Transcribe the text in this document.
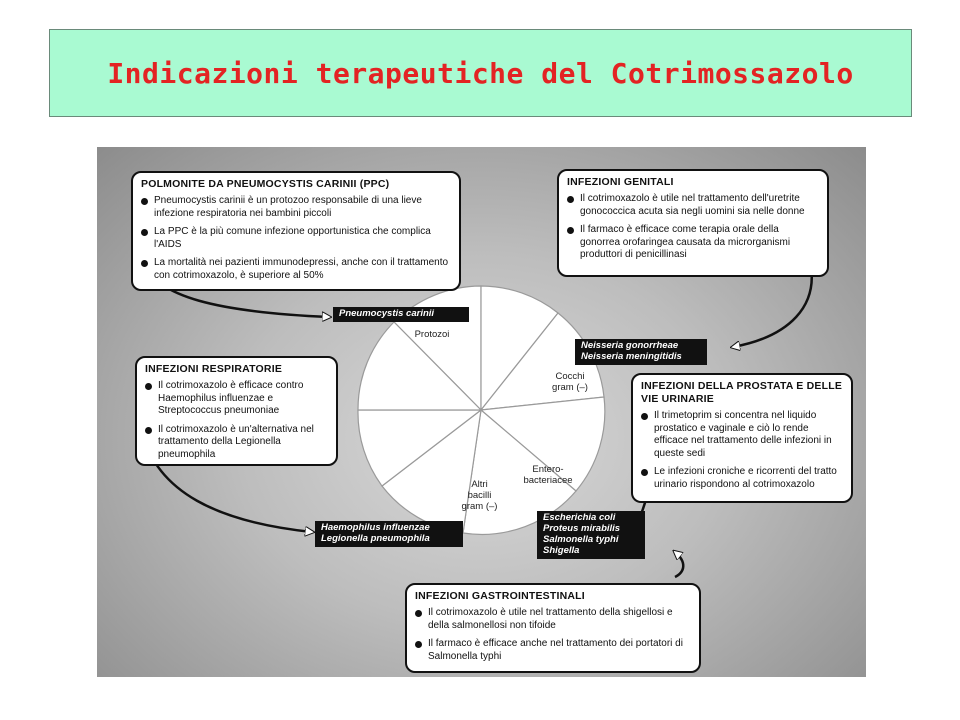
Indicazioni terapeutiche del Cotrimossazolo
Protozoi
Cocchi
gram (–)
Entero-
bacteriacee
Altri
bacilli
gram (–)
POLMONITE DA PNEUMOCYSTIS CARINII (PPC)
Pneumocystis carinii è un protozoo responsabile di una lieve infezione respiratoria nei bambini piccoli
La PPC è la più comune infezione opportunistica che complica l'AIDS
La mortalità nei pazienti immunodepressi, anche con il trattamento con cotrimoxazolo, è superiore al 50%
INFEZIONI GENITALI
Il cotrimoxazolo è utile nel trattamento dell'uretrite gonococcica acuta sia negli uomini sia nelle donne
Il farmaco è efficace come terapia orale della gonorrea orofaringea causata da microrganismi produttori di penicillinasi
INFEZIONI RESPIRATORIE
Il cotrimoxazolo è efficace contro Haemophilus influenzae e Streptococcus pneumoniae
Il cotrimoxazolo è un'alternativa nel trattamento della Legionella pneumophila
INFEZIONI DELLA PROSTATA E DELLE VIE URINARIE
Il trimetoprim si concentra nel liquido prostatico e vaginale e ciò lo rende efficace nel trattamento delle infezioni in queste sedi
Le infezioni croniche e ricorrenti del tratto urinario rispondono al cotrimoxazolo
INFEZIONI GASTROINTESTINALI
Il cotrimoxazolo è utile nel trattamento della shigellosi e della salmonellosi non tifoide
Il farmaco è efficace anche nel trattamento dei portatori di Salmonella typhi
Pneumocystis carinii
Neisseria gonorrheae
Neisseria meningitidis
Haemophilus influenzae
Legionella pneumophila
Escherichia coli
Proteus mirabilis
Salmonella typhi
Shigella
